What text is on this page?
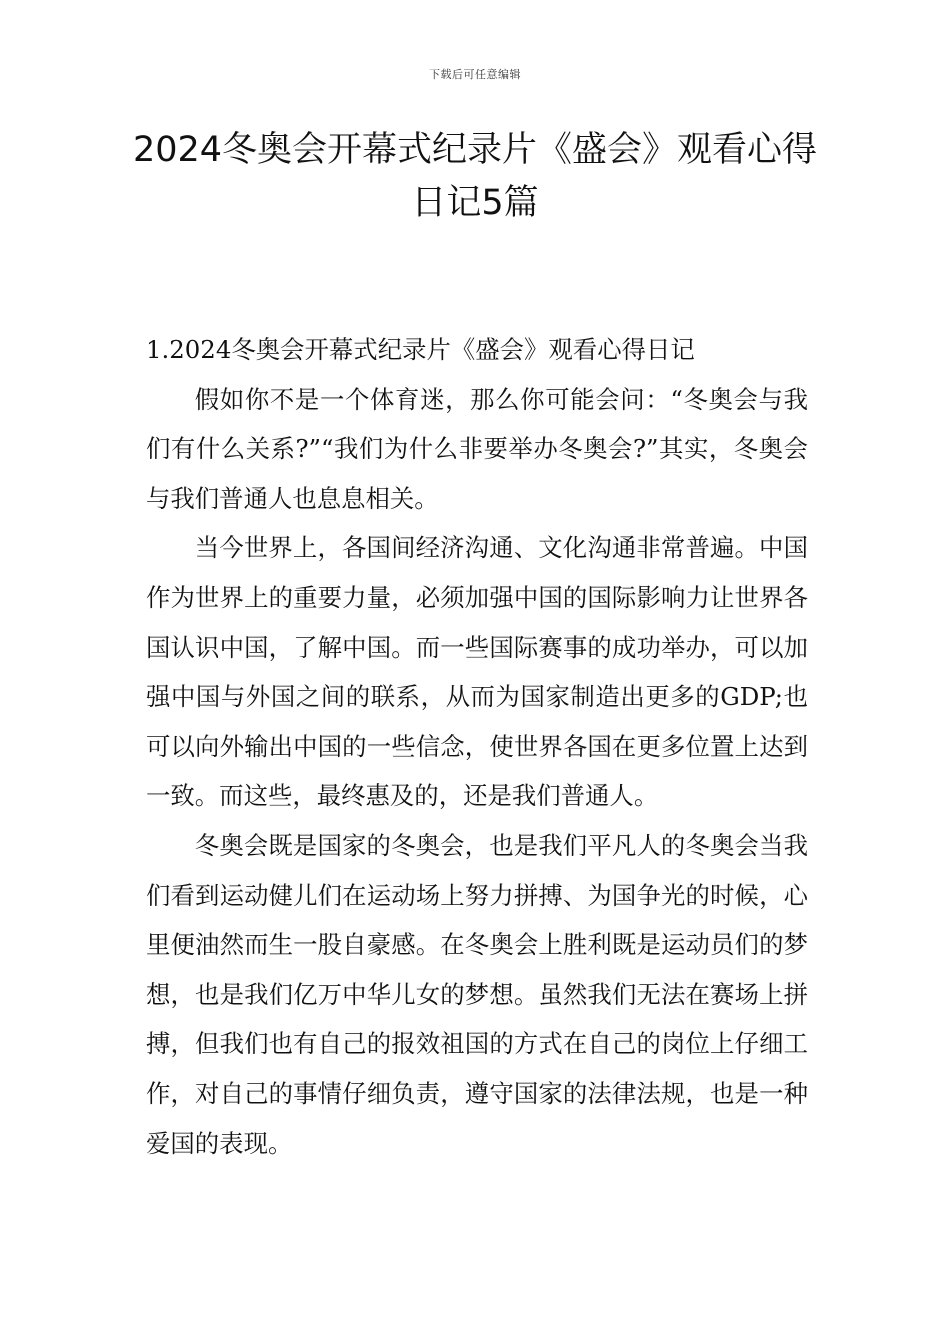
下载后可任意编辑
2024冬奥会开幕式纪录片《盛会》观看心得日记5篇

1.2024冬奥会开幕式纪录片《盛会》观看心得日记

假如你不是一个体育迷，那么你可能会问：“冬奥会与我们有什么关系?”“我们为什么非要举办冬奥会?”其实，冬奥会与我们普通人也息息相关。

当今世界上，各国间经济沟通、文化沟通非常普遍。中国作为世界上的重要力量，必须加强中国的国际影响力让世界各国认识中国，了解中国。而一些国际赛事的成功举办，可以加强中国与外国之间的联系，从而为国家制造出更多的GDP;也可以向外输出中国的一些信念，使世界各国在更多位置上达到一致。而这些，最终惠及的，还是我们普通人。

冬奥会既是国家的冬奥会，也是我们平凡人的冬奥会当我们看到运动健儿们在运动场上努力拼搏、为国争光的时候，心里便油然而生一股自豪感。在冬奥会上胜利既是运动员们的梦想，也是我们亿万中华儿女的梦想。虽然我们无法在赛场上拼搏，但我们也有自己的报效祖国的方式在自己的岗位上仔细工作，对自己的事情仔细负责，遵守国家的法律法规，也是一种爱国的表现。
